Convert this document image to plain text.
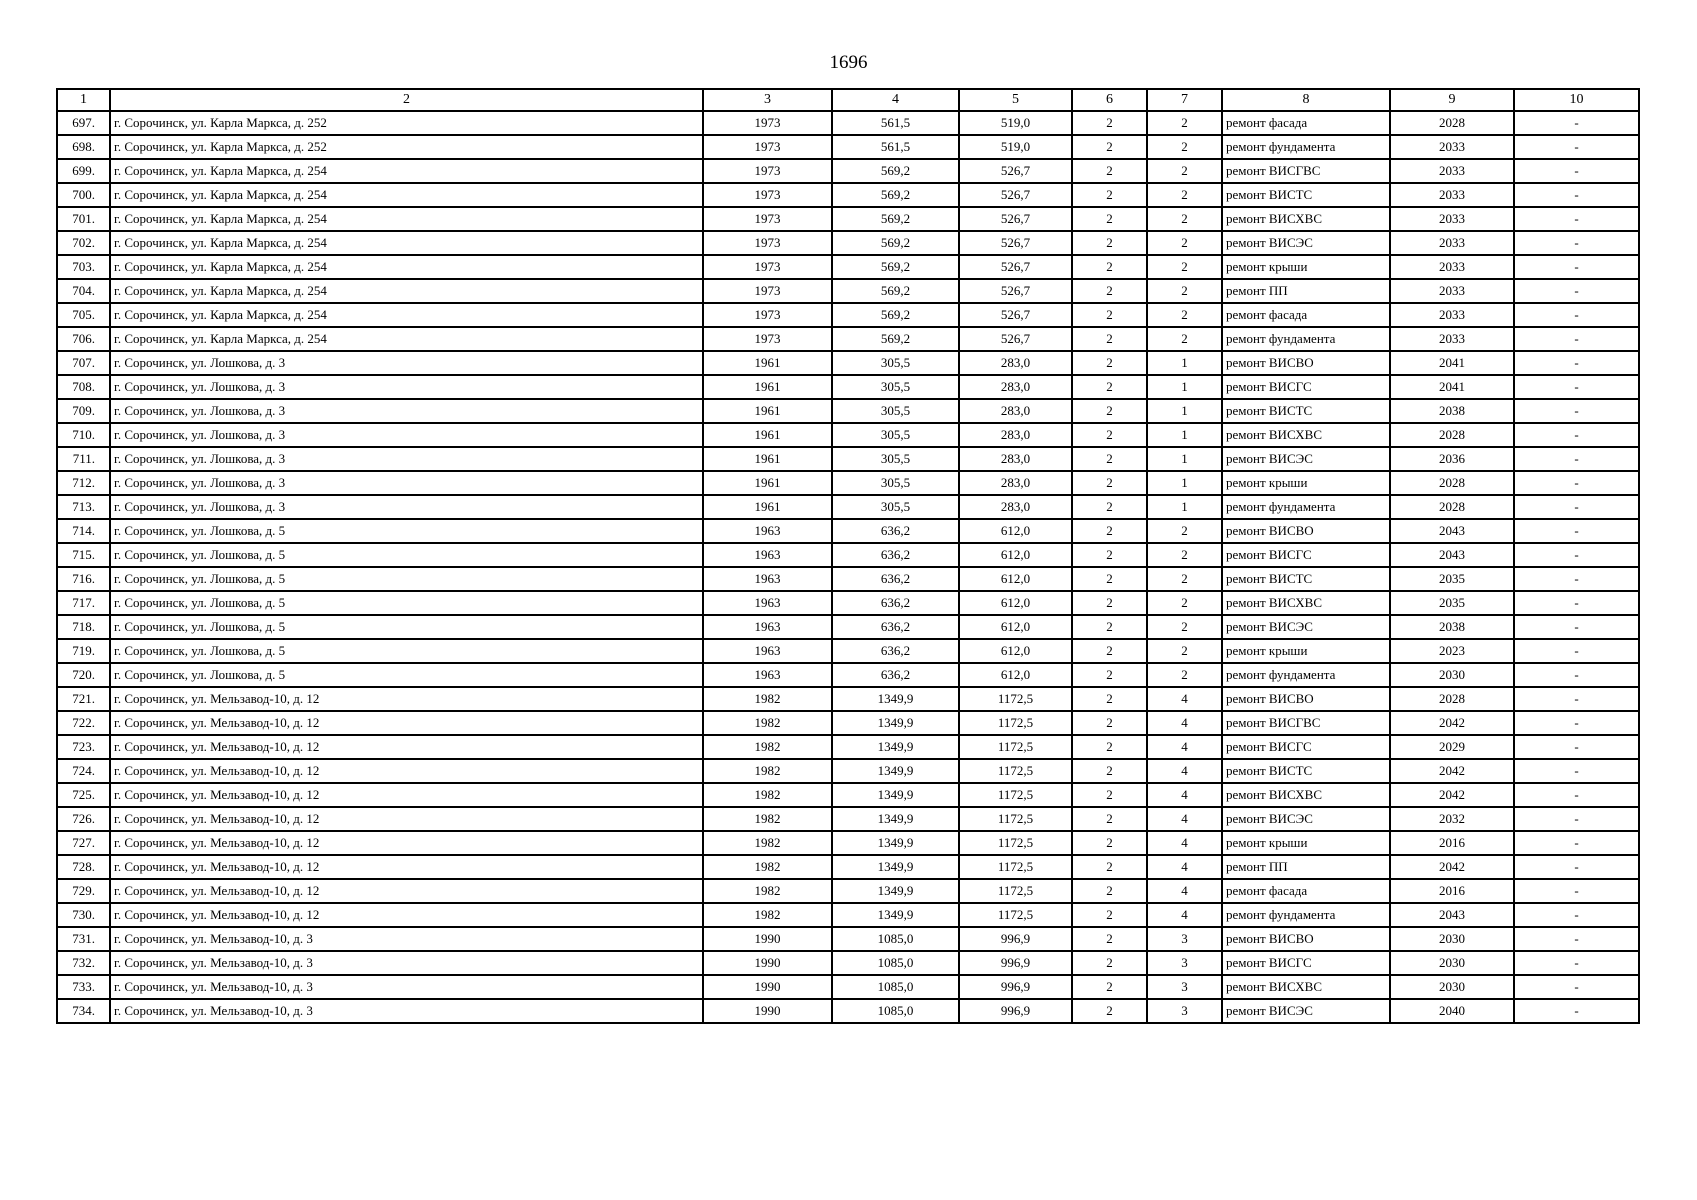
1696
1	2	3	4	5	6	7	8	9	10
697.	г. Сорочинск, ул. Карла Маркса, д. 252	1973	561,5	519,0	2	2	ремонт фасада	2028	-
698.	г. Сорочинск, ул. Карла Маркса, д. 252	1973	561,5	519,0	2	2	ремонт фундамента	2033	-
699.	г. Сорочинск, ул. Карла Маркса, д. 254	1973	569,2	526,7	2	2	ремонт ВИСГВС	2033	-
700.	г. Сорочинск, ул. Карла Маркса, д. 254	1973	569,2	526,7	2	2	ремонт ВИСТС	2033	-
701.	г. Сорочинск, ул. Карла Маркса, д. 254	1973	569,2	526,7	2	2	ремонт ВИСХВС	2033	-
702.	г. Сорочинск, ул. Карла Маркса, д. 254	1973	569,2	526,7	2	2	ремонт ВИСЭС	2033	-
703.	г. Сорочинск, ул. Карла Маркса, д. 254	1973	569,2	526,7	2	2	ремонт крыши	2033	-
704.	г. Сорочинск, ул. Карла Маркса, д. 254	1973	569,2	526,7	2	2	ремонт ПП	2033	-
705.	г. Сорочинск, ул. Карла Маркса, д. 254	1973	569,2	526,7	2	2	ремонт фасада	2033	-
706.	г. Сорочинск, ул. Карла Маркса, д. 254	1973	569,2	526,7	2	2	ремонт фундамента	2033	-
707.	г. Сорочинск, ул. Лошкова, д. 3	1961	305,5	283,0	2	1	ремонт ВИСВО	2041	-
708.	г. Сорочинск, ул. Лошкова, д. 3	1961	305,5	283,0	2	1	ремонт ВИСГС	2041	-
709.	г. Сорочинск, ул. Лошкова, д. 3	1961	305,5	283,0	2	1	ремонт ВИСТС	2038	-
710.	г. Сорочинск, ул. Лошкова, д. 3	1961	305,5	283,0	2	1	ремонт ВИСХВС	2028	-
711.	г. Сорочинск, ул. Лошкова, д. 3	1961	305,5	283,0	2	1	ремонт ВИСЭС	2036	-
712.	г. Сорочинск, ул. Лошкова, д. 3	1961	305,5	283,0	2	1	ремонт крыши	2028	-
713.	г. Сорочинск, ул. Лошкова, д. 3	1961	305,5	283,0	2	1	ремонт фундамента	2028	-
714.	г. Сорочинск, ул. Лошкова, д. 5	1963	636,2	612,0	2	2	ремонт ВИСВО	2043	-
715.	г. Сорочинск, ул. Лошкова, д. 5	1963	636,2	612,0	2	2	ремонт ВИСГС	2043	-
716.	г. Сорочинск, ул. Лошкова, д. 5	1963	636,2	612,0	2	2	ремонт ВИСТС	2035	-
717.	г. Сорочинск, ул. Лошкова, д. 5	1963	636,2	612,0	2	2	ремонт ВИСХВС	2035	-
718.	г. Сорочинск, ул. Лошкова, д. 5	1963	636,2	612,0	2	2	ремонт ВИСЭС	2038	-
719.	г. Сорочинск, ул. Лошкова, д. 5	1963	636,2	612,0	2	2	ремонт крыши	2023	-
720.	г. Сорочинск, ул. Лошкова, д. 5	1963	636,2	612,0	2	2	ремонт фундамента	2030	-
721.	г. Сорочинск, ул. Мельзавод-10, д. 12	1982	1349,9	1172,5	2	4	ремонт ВИСВО	2028	-
722.	г. Сорочинск, ул. Мельзавод-10, д. 12	1982	1349,9	1172,5	2	4	ремонт ВИСГВС	2042	-
723.	г. Сорочинск, ул. Мельзавод-10, д. 12	1982	1349,9	1172,5	2	4	ремонт ВИСГС	2029	-
724.	г. Сорочинск, ул. Мельзавод-10, д. 12	1982	1349,9	1172,5	2	4	ремонт ВИСТС	2042	-
725.	г. Сорочинск, ул. Мельзавод-10, д. 12	1982	1349,9	1172,5	2	4	ремонт ВИСХВС	2042	-
726.	г. Сорочинск, ул. Мельзавод-10, д. 12	1982	1349,9	1172,5	2	4	ремонт ВИСЭС	2032	-
727.	г. Сорочинск, ул. Мельзавод-10, д. 12	1982	1349,9	1172,5	2	4	ремонт крыши	2016	-
728.	г. Сорочинск, ул. Мельзавод-10, д. 12	1982	1349,9	1172,5	2	4	ремонт ПП	2042	-
729.	г. Сорочинск, ул. Мельзавод-10, д. 12	1982	1349,9	1172,5	2	4	ремонт фасада	2016	-
730.	г. Сорочинск, ул. Мельзавод-10, д. 12	1982	1349,9	1172,5	2	4	ремонт фундамента	2043	-
731.	г. Сорочинск, ул. Мельзавод-10, д. 3	1990	1085,0	996,9	2	3	ремонт ВИСВО	2030	-
732.	г. Сорочинск, ул. Мельзавод-10, д. 3	1990	1085,0	996,9	2	3	ремонт ВИСГС	2030	-
733.	г. Сорочинск, ул. Мельзавод-10, д. 3	1990	1085,0	996,9	2	3	ремонт ВИСХВС	2030	-
734.	г. Сорочинск, ул. Мельзавод-10, д. 3	1990	1085,0	996,9	2	3	ремонт ВИСЭС	2040	-
